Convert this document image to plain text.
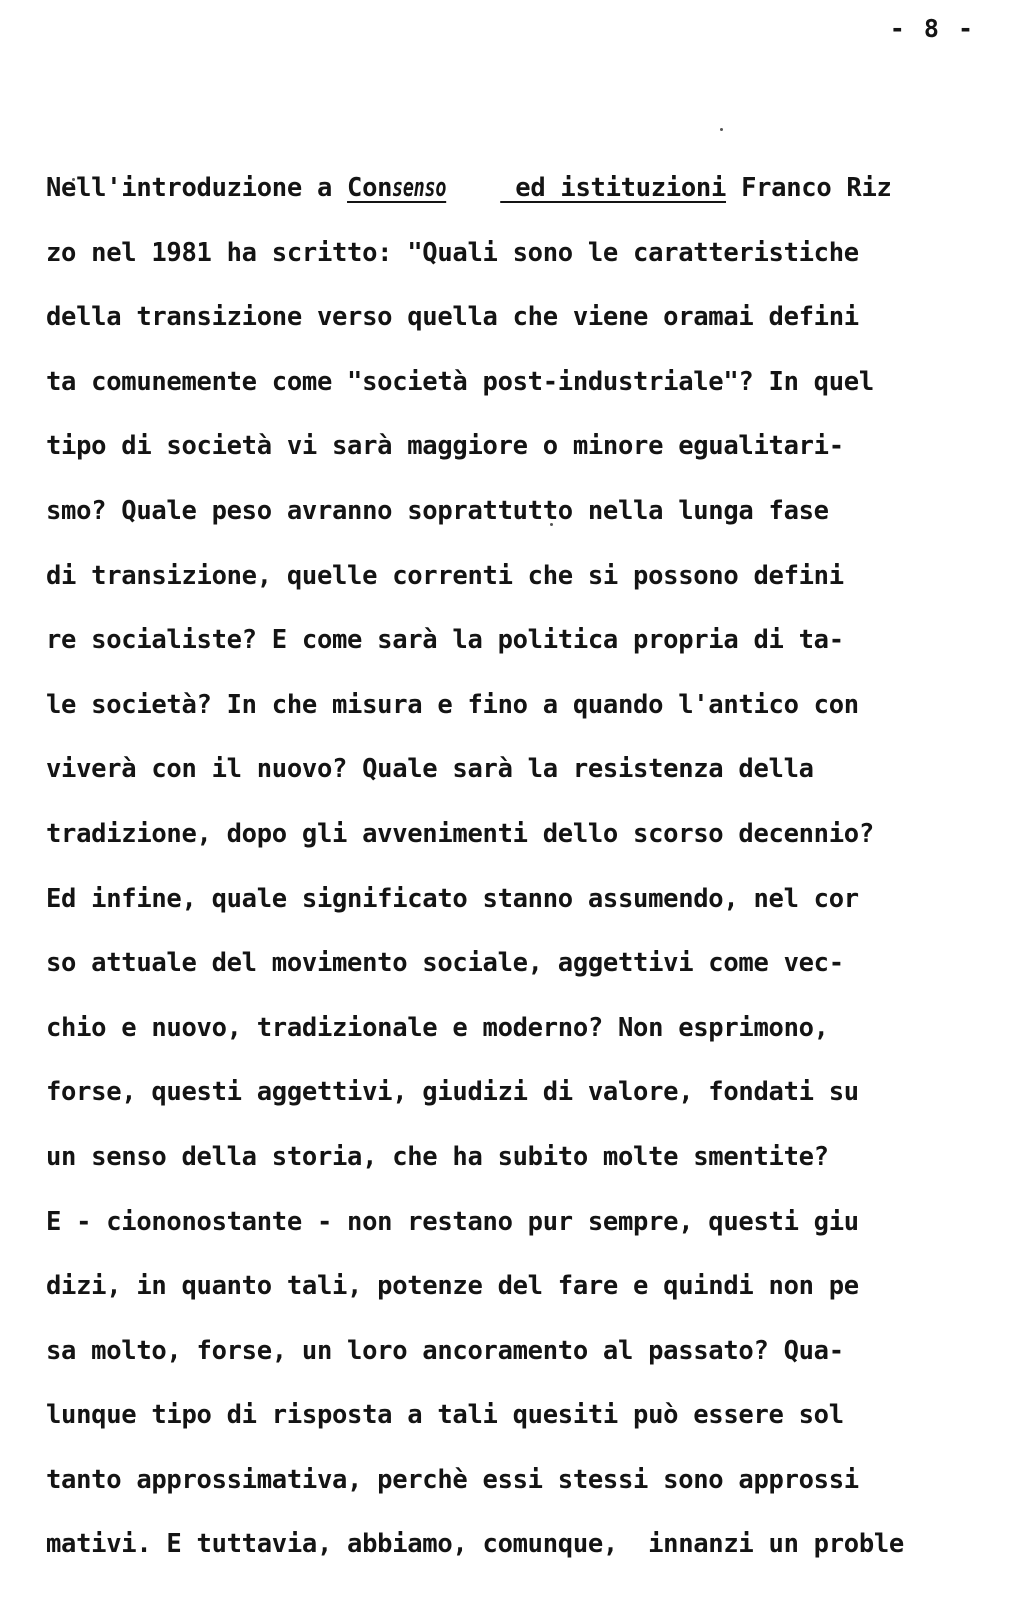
- 8 -
Nell'introduzione a Consenso ed istituzioni Franco Riz
zo nel 1981 ha scritto: "Quali sono le caratteristiche
della transizione verso quella che viene oramai defini
ta comunemente come "società post-industriale"? In quel
tipo di società vi sarà maggiore o minore egualitari-
smo? Quale peso avranno soprattutto nella lunga fase
di transizione, quelle correnti che si possono defini
re socialiste? E come sarà la politica propria di ta-
le società? In che misura e fino a quando l'antico con
viverà con il nuovo? Quale sarà la resistenza della
tradizione, dopo gli avvenimenti dello scorso decennio?
Ed infine, quale significato stanno assumendo, nel cor
so attuale del movimento sociale, aggettivi come vec-
chio e nuovo, tradizionale e moderno? Non esprimono,
forse, questi aggettivi, giudizi di valore, fondati su
un senso della storia, che ha subito molte smentite?
E - ciononostante - non restano pur sempre, questi giu
dizi, in quanto tali, potenze del fare e quindi non pe
sa molto, forse, un loro ancoramento al passato? Qua-
lunque tipo di risposta a tali quesiti può essere sol
tanto approssimativa, perchè essi stessi sono approssi
mativi. E tuttavia, abbiamo, comunque,  innanzi un proble
